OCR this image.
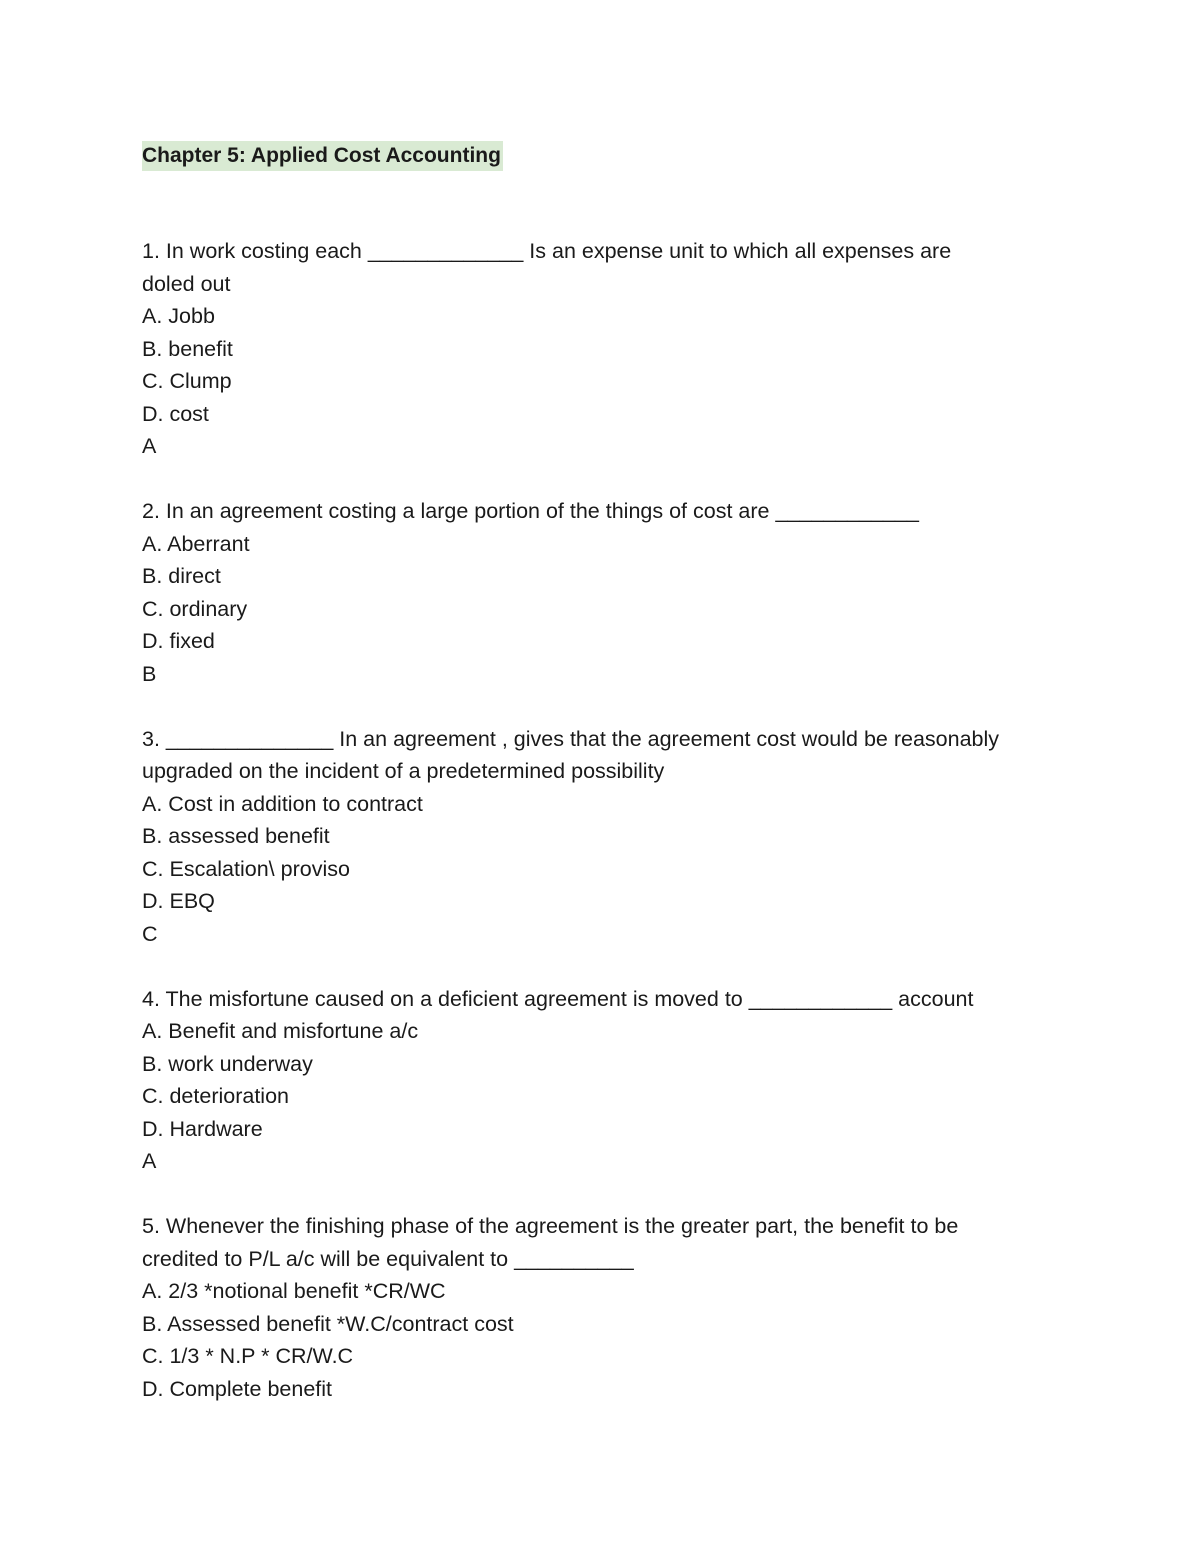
Chapter 5: Applied Cost Accounting
1. In work costing each _____________ Is an expense unit to which all expenses are
doled out
A. Jobb
B. benefit
C. Clump
D. cost
A
2. In an agreement costing a large portion of the things of cost are ____________
A. Aberrant
B. direct
C. ordinary
D. fixed
B
3. ______________ In an agreement , gives that the agreement cost would be reasonably
upgraded on the incident of a predetermined possibility
A. Cost in addition to contract
B. assessed benefit
C. Escalation\ proviso
D. EBQ
C
4. The misfortune caused on a deficient agreement is moved to ____________ account
A. Benefit and misfortune a/c
B. work underway
C. deterioration
D. Hardware
A
5. Whenever the finishing phase of the agreement is the greater part, the benefit to be
credited to P/L a/c will be equivalent to __________
A. 2/3 *notional benefit *CR/WC
B. Assessed benefit *W.C/contract cost
C. 1/3 * N.P * CR/W.C
D. Complete benefit
